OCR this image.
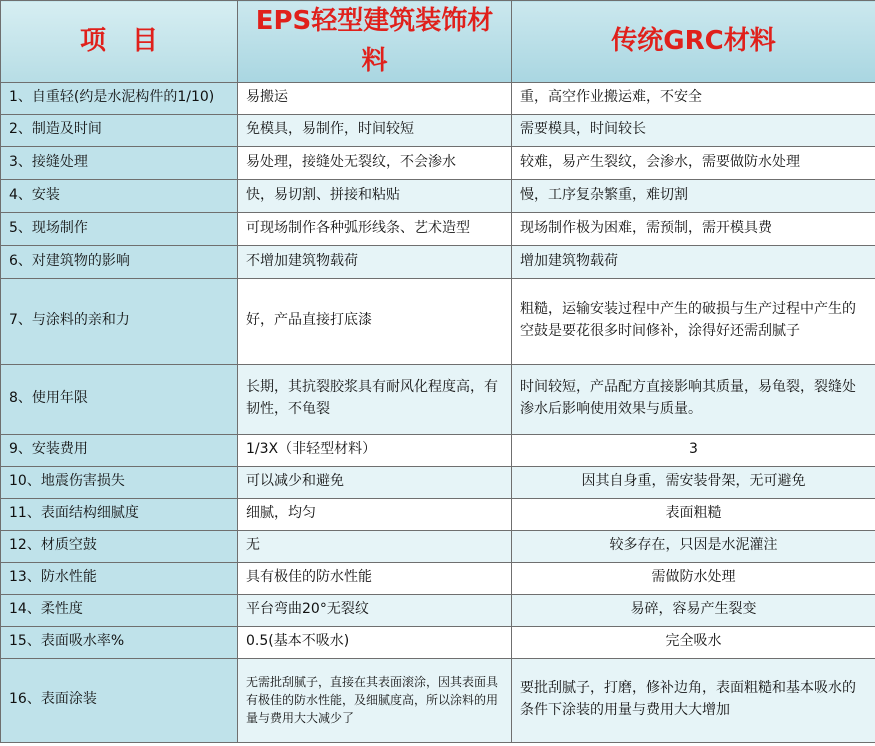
项　目	EPS轻型建筑装饰材料	传统GRC材料
1、自重轻(约是水泥构件的1/10)	易搬运	重，高空作业搬运难，不安全
2、制造及时间	免模具，易制作，时间较短	需要模具，时间较长
3、接缝处理	易处理，接缝处无裂纹，不会渗水	较难，易产生裂纹，会渗水，需要做防水处理
4、安装	快，易切割、拼接和粘贴	慢，工序复杂繁重，难切割
5、现场制作	可现场制作各种弧形线条、艺术造型	现场制作极为困难，需预制，需开模具费
6、对建筑物的影响	不增加建筑物载荷	增加建筑物载荷
7、与涂料的亲和力	好，产品直接打底漆	粗糙，运输安装过程中产生的破损与生产过程中产生的空鼓是要花很多时间修补，涂得好还需刮腻子
8、使用年限	长期，其抗裂胶浆具有耐风化程度高，有韧性，不龟裂	时间较短，产品配方直接影响其质量，易龟裂，裂缝处渗水后影响使用效果与质量。
9、安装费用	1/3X（非轻型材料）	3
10、地震伤害损失	可以减少和避免	因其自身重，需安装骨架，无可避免
11、表面结构细腻度	细腻，均匀	表面粗糙
12、材质空鼓	无	较多存在，只因是水泥灌注
13、防水性能	具有极佳的防水性能	需做防水处理
14、柔性度	平台弯曲20°无裂纹	易碎，容易产生裂变
15、表面吸水率%	0.5(基本不吸水)	完全吸水
16、表面涂装	无需批刮腻子，直接在其表面滚涂，因其表面具有极佳的防水性能，及细腻度高，所以涂料的用量与费用大大减少了	要批刮腻子，打磨，修补边角，表面粗糙和基本吸水的条件下涂装的用量与费用大大增加
